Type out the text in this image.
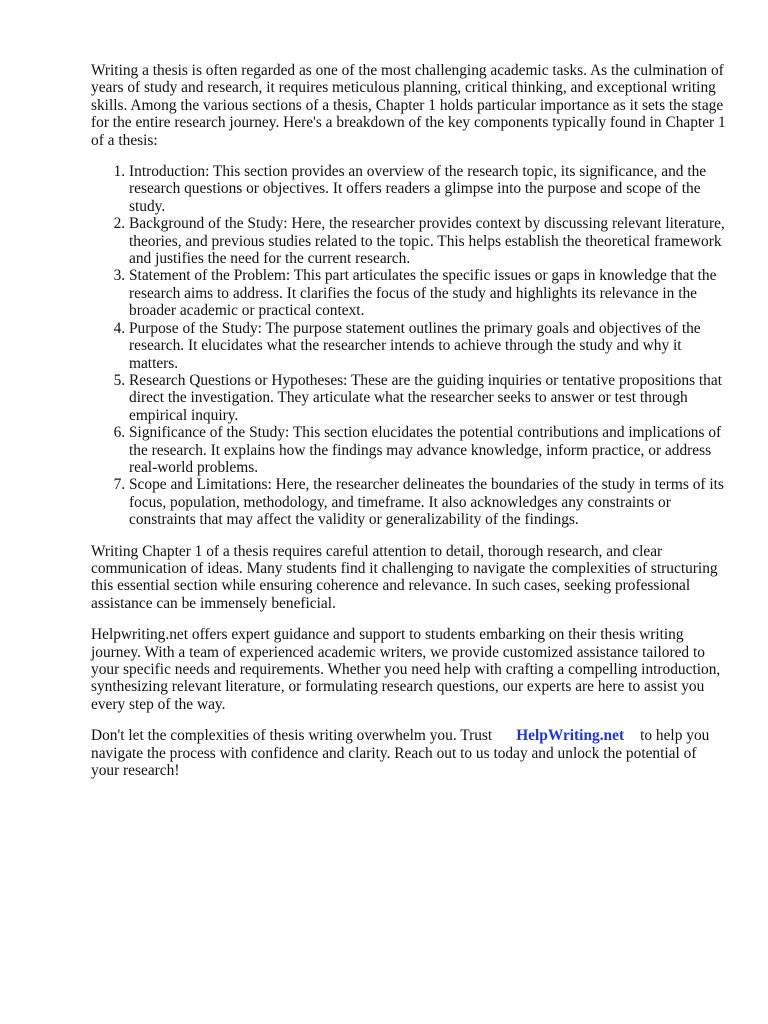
Writing a thesis is often regarded as one of the most challenging academic tasks. As the culmination of years of study and research, it requires meticulous planning, critical thinking, and exceptional writing skills. Among the various sections of a thesis, Chapter 1 holds particular importance as it sets the stage for the entire research journey. Here's a breakdown of the key components typically found in Chapter 1 of a thesis:

1. Introduction: This section provides an overview of the research topic, its significance, and the research questions or objectives. It offers readers a glimpse into the purpose and scope of the study.
2. Background of the Study: Here, the researcher provides context by discussing relevant literature, theories, and previous studies related to the topic. This helps establish the theoretical framework and justifies the need for the current research.
3. Statement of the Problem: This part articulates the specific issues or gaps in knowledge that the research aims to address. It clarifies the focus of the study and highlights its relevance in the broader academic or practical context.
4. Purpose of the Study: The purpose statement outlines the primary goals and objectives of the research. It elucidates what the researcher intends to achieve through the study and why it matters.
5. Research Questions or Hypotheses: These are the guiding inquiries or tentative propositions that direct the investigation. They articulate what the researcher seeks to answer or test through empirical inquiry.
6. Significance of the Study: This section elucidates the potential contributions and implications of the research. It explains how the findings may advance knowledge, inform practice, or address real-world problems.
7. Scope and Limitations: Here, the researcher delineates the boundaries of the study in terms of its focus, population, methodology, and timeframe. It also acknowledges any constraints or constraints that may affect the validity or generalizability of the findings.

Writing Chapter 1 of a thesis requires careful attention to detail, thorough research, and clear communication of ideas. Many students find it challenging to navigate the complexities of structuring this essential section while ensuring coherence and relevance. In such cases, seeking professional assistance can be immensely beneficial.

Helpwriting.net offers expert guidance and support to students embarking on their thesis writing journey. With a team of experienced academic writers, we provide customized assistance tailored to your specific needs and requirements. Whether you need help with crafting a compelling introduction, synthesizing relevant literature, or formulating research questions, our experts are here to assist you every step of the way.

Don't let the complexities of thesis writing overwhelm you. Trust HelpWriting.net to help you navigate the process with confidence and clarity. Reach out to us today and unlock the potential of your research!
